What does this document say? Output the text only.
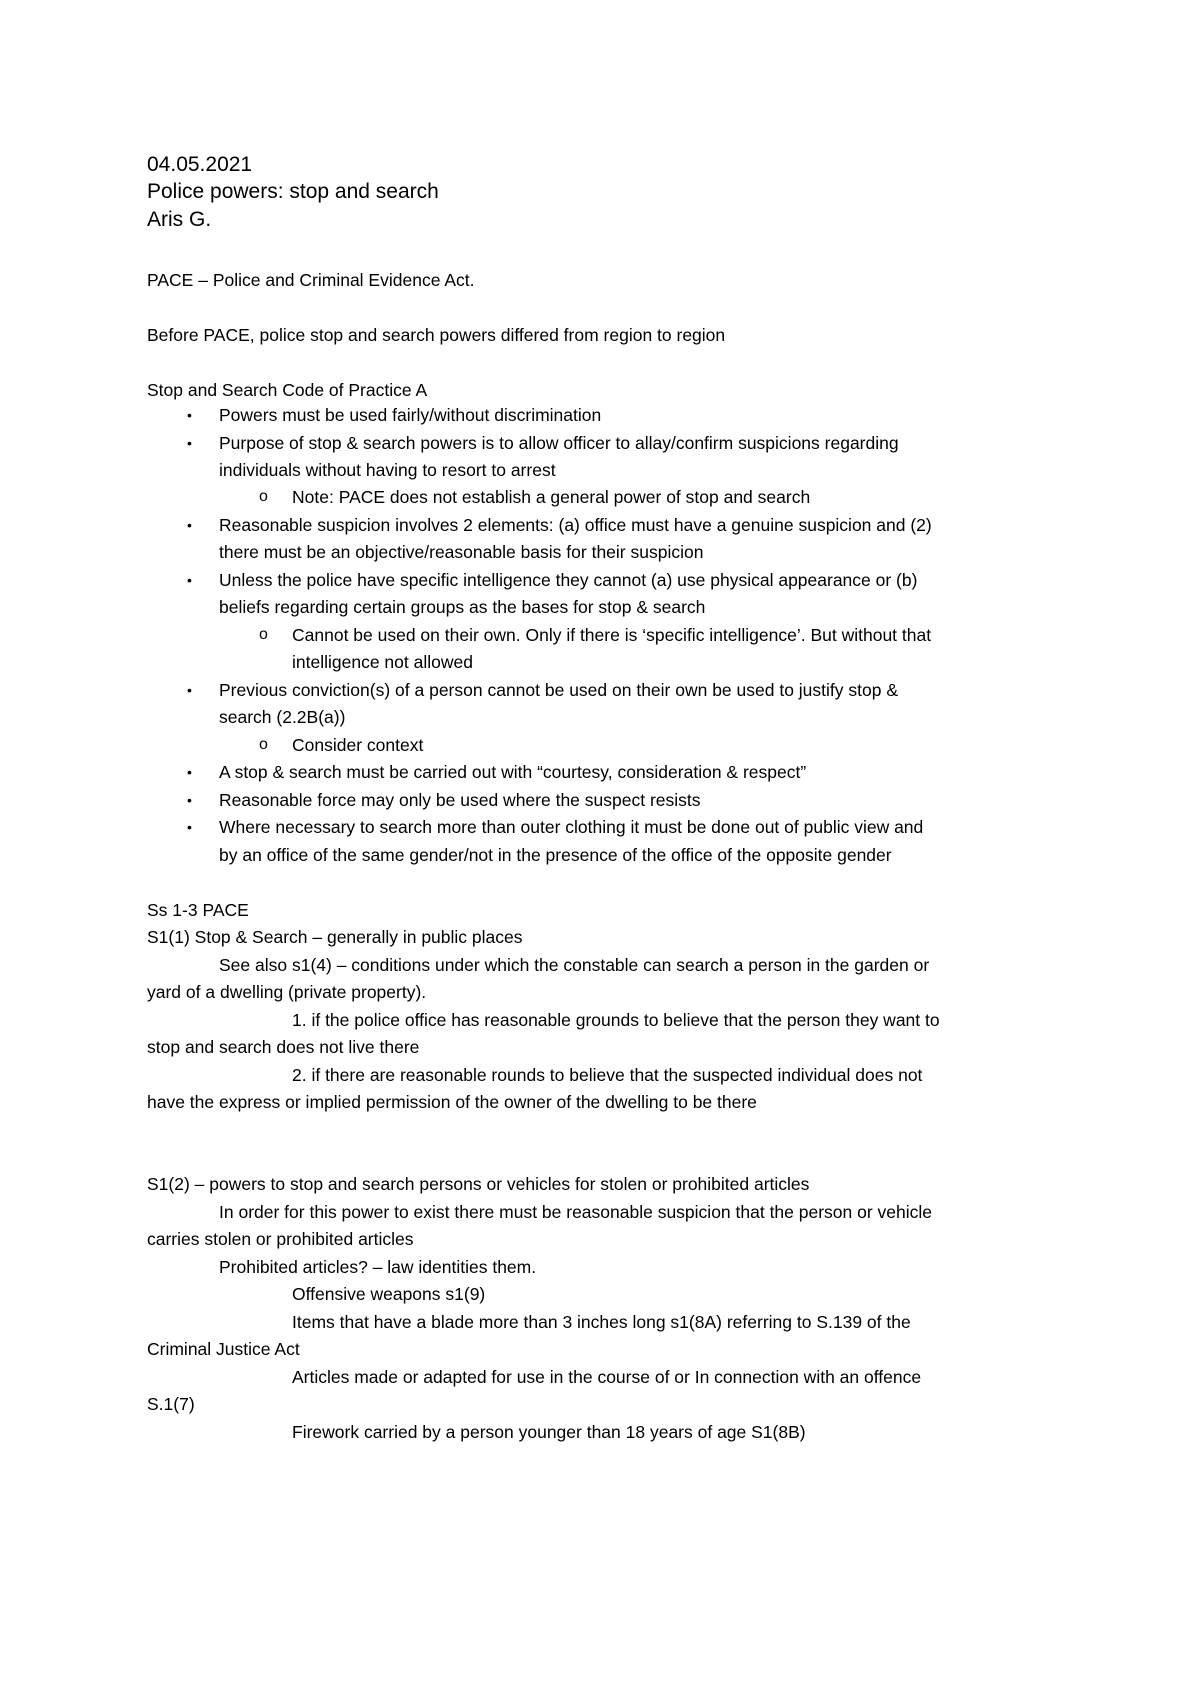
04.05.2021
Police powers: stop and search
Aris G.
PACE – Police and Criminal Evidence Act.
Before PACE, police stop and search powers differed from region to region
Stop and Search Code of Practice A
• Powers must be used fairly/without discrimination
• Purpose of stop & search powers is to allow officer to allay/confirm suspicions regarding
individuals without having to resort to arrest
o Note: PACE does not establish a general power of stop and search
• Reasonable suspicion involves 2 elements: (a) office must have a genuine suspicion and (2)
there must be an objective/reasonable basis for their suspicion
• Unless the police have specific intelligence they cannot (a) use physical appearance or (b)
beliefs regarding certain groups as the bases for stop & search
o Cannot be used on their own. Only if there is ‘specific intelligence’. But without that
intelligence not allowed
• Previous conviction(s) of a person cannot be used on their own be used to justify stop &
search (2.2B(a))
o Consider context
• A stop & search must be carried out with “courtesy, consideration & respect”
• Reasonable force may only be used where the suspect resists
• Where necessary to search more than outer clothing it must be done out of public view and
by an office of the same gender/not in the presence of the office of the opposite gender
Ss 1-3 PACE
S1(1) Stop & Search – generally in public places
See also s1(4) – conditions under which the constable can search a person in the garden or
yard of a dwelling (private property).
1. if the police office has reasonable grounds to believe that the person they want to
stop and search does not live there
2. if there are reasonable rounds to believe that the suspected individual does not
have the express or implied permission of the owner of the dwelling to be there
S1(2) – powers to stop and search persons or vehicles for stolen or prohibited articles
In order for this power to exist there must be reasonable suspicion that the person or vehicle
carries stolen or prohibited articles
Prohibited articles? – law identities them.
Offensive weapons s1(9)
Items that have a blade more than 3 inches long s1(8A) referring to S.139 of the
Criminal Justice Act
Articles made or adapted for use in the course of or In connection with an offence
S.1(7)
Firework carried by a person younger than 18 years of age S1(8B)
